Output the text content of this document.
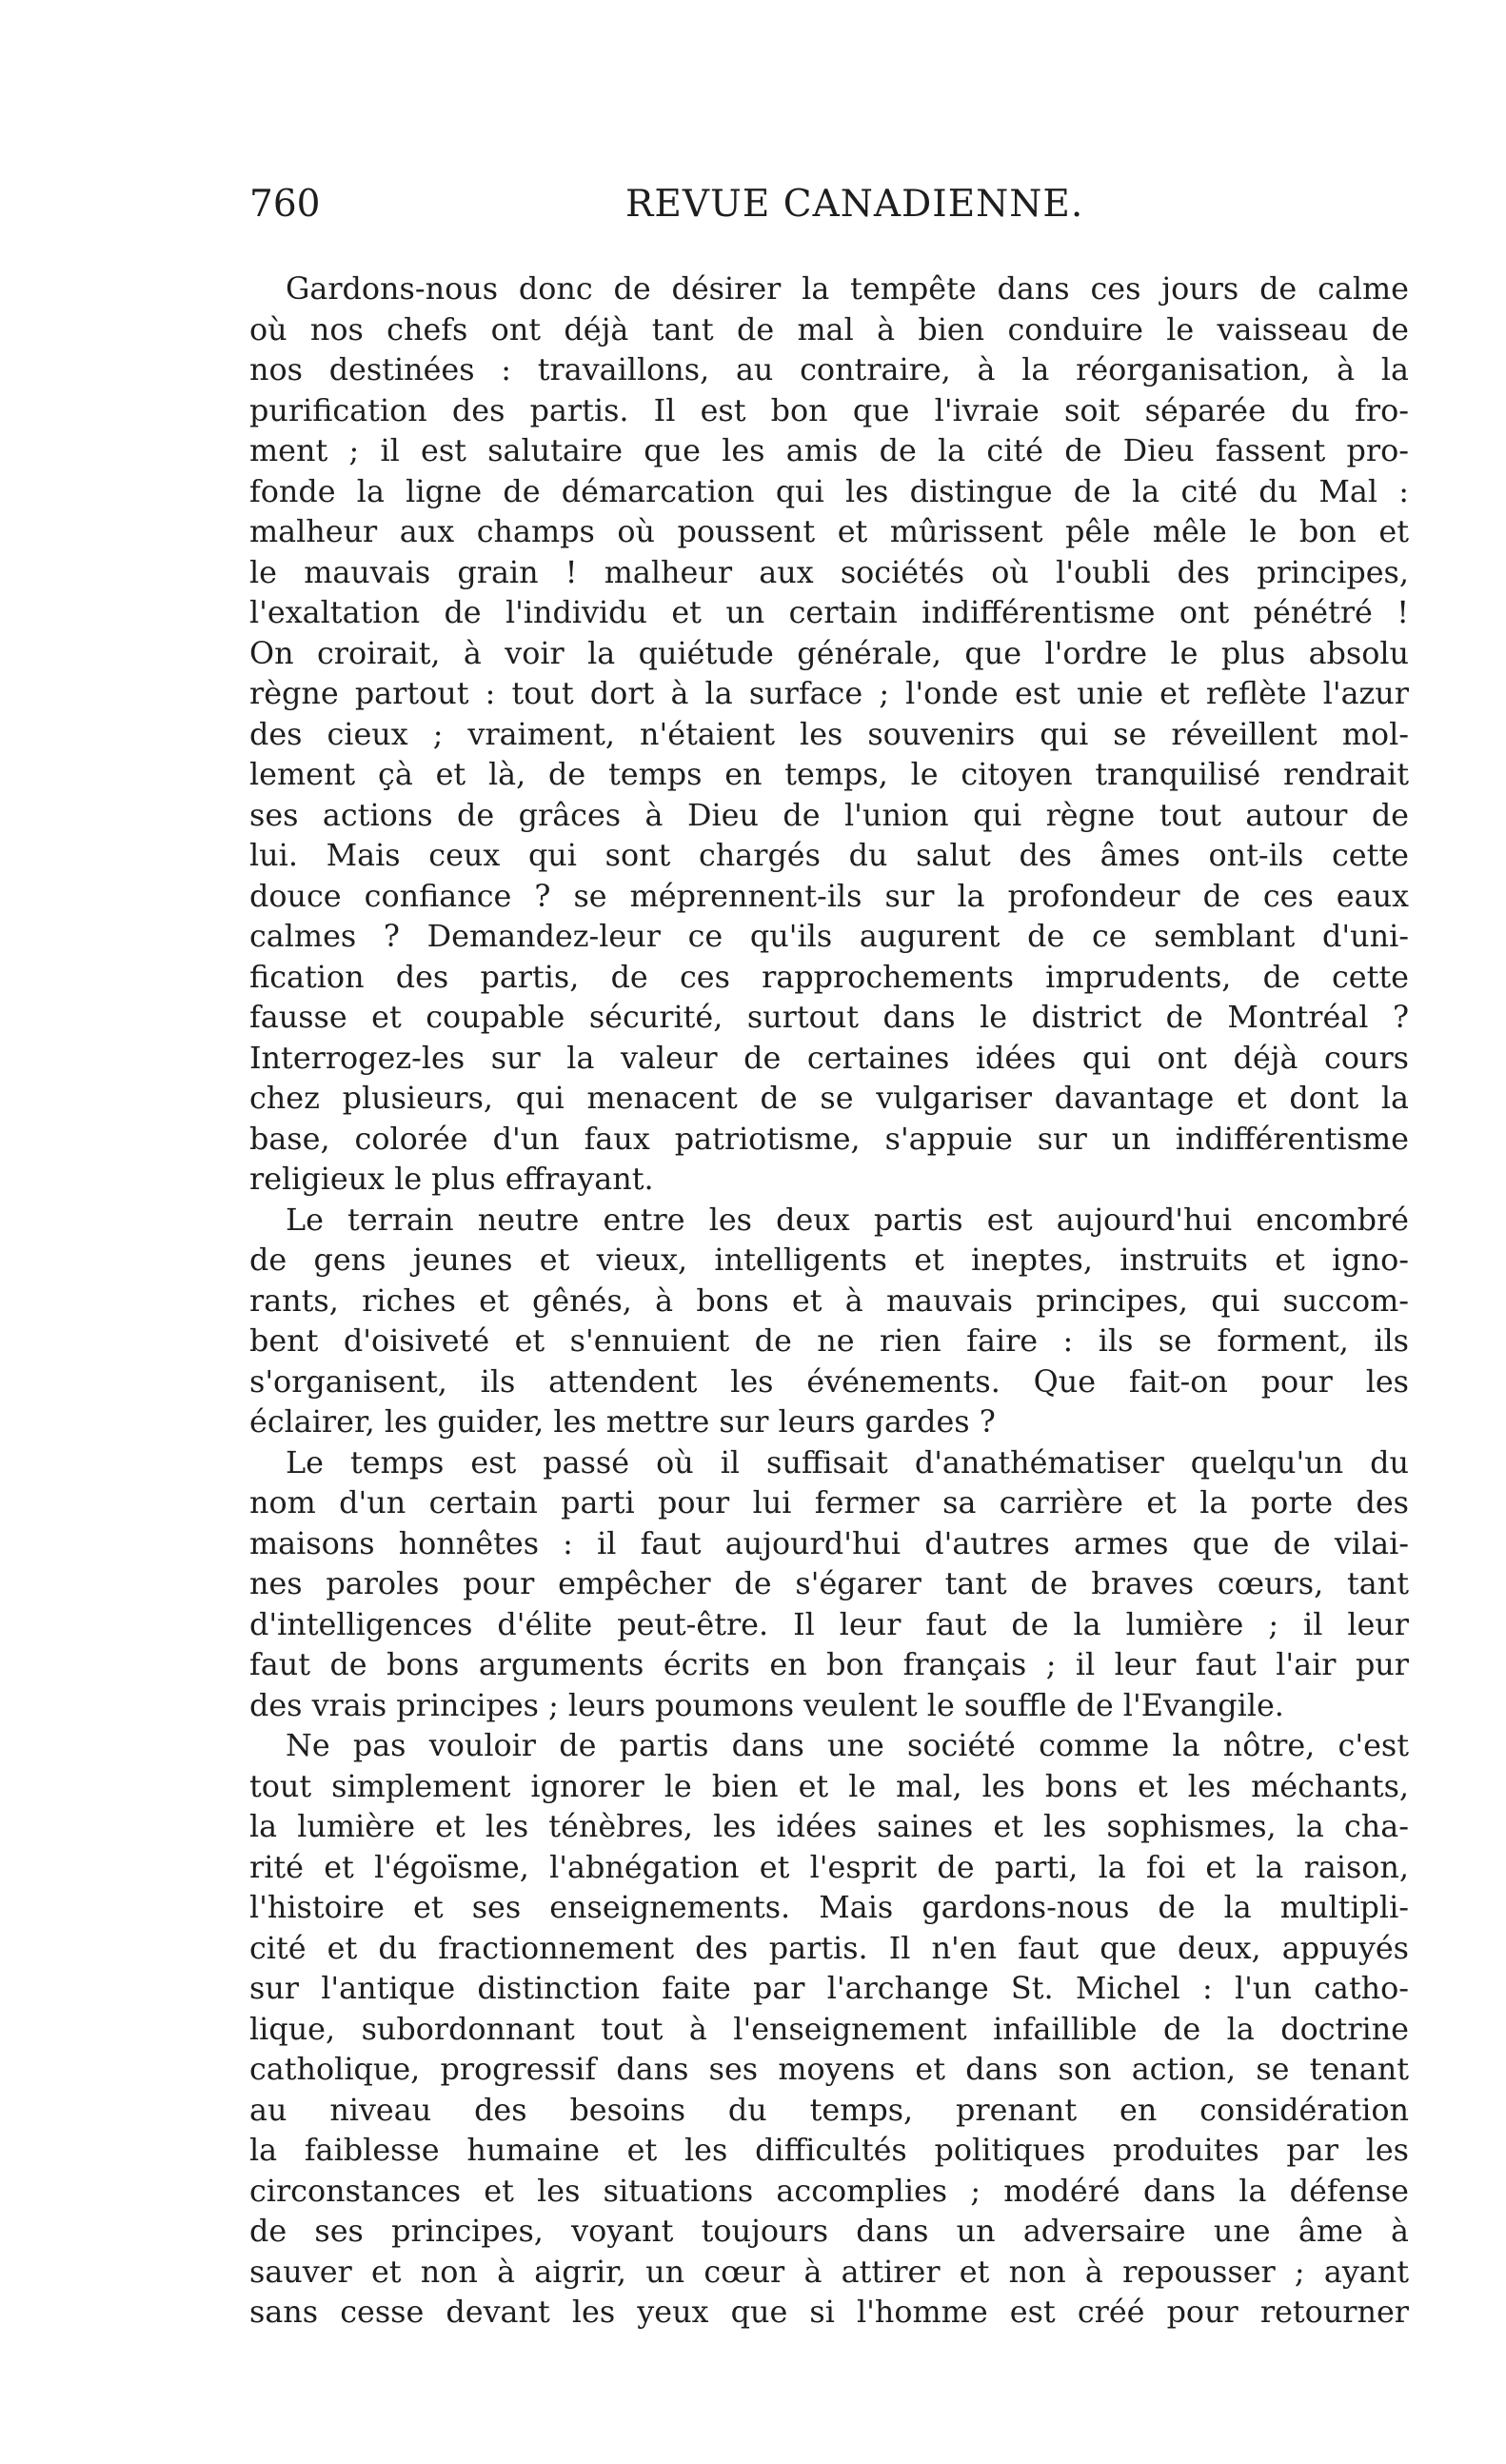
760	REVUE CANADIENNE.
Gardons-nous donc de désirer la tempête dans ces jours de calme
où nos chefs ont déjà tant de mal à bien conduire le vaisseau de
nos destinées : travaillons, au contraire, à la réorganisation, à la
purification des partis. Il est bon que l'ivraie soit séparée du fro-
ment ; il est salutaire que les amis de la cité de Dieu fassent pro-
fonde la ligne de démarcation qui les distingue de la cité du Mal :
malheur aux champs où poussent et mûrissent pêle mêle le bon et
le mauvais grain ! malheur aux sociétés où l'oubli des principes,
l'exaltation de l'individu et un certain indifférentisme ont pénétré !
On croirait, à voir la quiétude générale, que l'ordre le plus absolu
règne partout : tout dort à la surface ; l'onde est unie et reflète l'azur
des cieux ; vraiment, n'étaient les souvenirs qui se réveillent mol-
lement çà et là, de temps en temps, le citoyen tranquilisé rendrait
ses actions de grâces à Dieu de l'union qui règne tout autour de
lui. Mais ceux qui sont chargés du salut des âmes ont-ils cette
douce confiance ? se méprennent-ils sur la profondeur de ces eaux
calmes ? Demandez-leur ce qu'ils augurent de ce semblant d'uni-
fication des partis, de ces rapprochements imprudents, de cette
fausse et coupable sécurité, surtout dans le district de Montréal ?
Interrogez-les sur la valeur de certaines idées qui ont déjà cours
chez plusieurs, qui menacent de se vulgariser davantage et dont la
base, colorée d'un faux patriotisme, s'appuie sur un indifférentisme
religieux le plus effrayant.
Le terrain neutre entre les deux partis est aujourd'hui encombré
de gens jeunes et vieux, intelligents et ineptes, instruits et igno-
rants, riches et gênés, à bons et à mauvais principes, qui succom-
bent d'oisiveté et s'ennuient de ne rien faire : ils se forment, ils
s'organisent, ils attendent les événements. Que fait-on pour les
éclairer, les guider, les mettre sur leurs gardes ?
Le temps est passé où il suffisait d'anathématiser quelqu'un du
nom d'un certain parti pour lui fermer sa carrière et la porte des
maisons honnêtes : il faut aujourd'hui d'autres armes que de vilai-
nes paroles pour empêcher de s'égarer tant de braves cœurs, tant
d'intelligences d'élite peut-être. Il leur faut de la lumière ; il leur
faut de bons arguments écrits en bon français ; il leur faut l'air pur
des vrais principes ; leurs poumons veulent le souffle de l'Evangile.
Ne pas vouloir de partis dans une société comme la nôtre, c'est
tout simplement ignorer le bien et le mal, les bons et les méchants,
la lumière et les ténèbres, les idées saines et les sophismes, la cha-
rité et l'égoïsme, l'abnégation et l'esprit de parti, la foi et la raison,
l'histoire et ses enseignements. Mais gardons-nous de la multipli-
cité et du fractionnement des partis. Il n'en faut que deux, appuyés
sur l'antique distinction faite par l'archange St. Michel : l'un catho-
lique, subordonnant tout à l'enseignement infaillible de la doctrine
catholique, progressif dans ses moyens et dans son action, se tenant
au niveau des besoins du temps, prenant en considération
la faiblesse humaine et les difficultés politiques produites par les
circonstances et les situations accomplies ; modéré dans la défense
de ses principes, voyant toujours dans un adversaire une âme à
sauver et non à aigrir, un cœur à attirer et non à repousser ; ayant
sans cesse devant les yeux que si l'homme est créé pour retourner
